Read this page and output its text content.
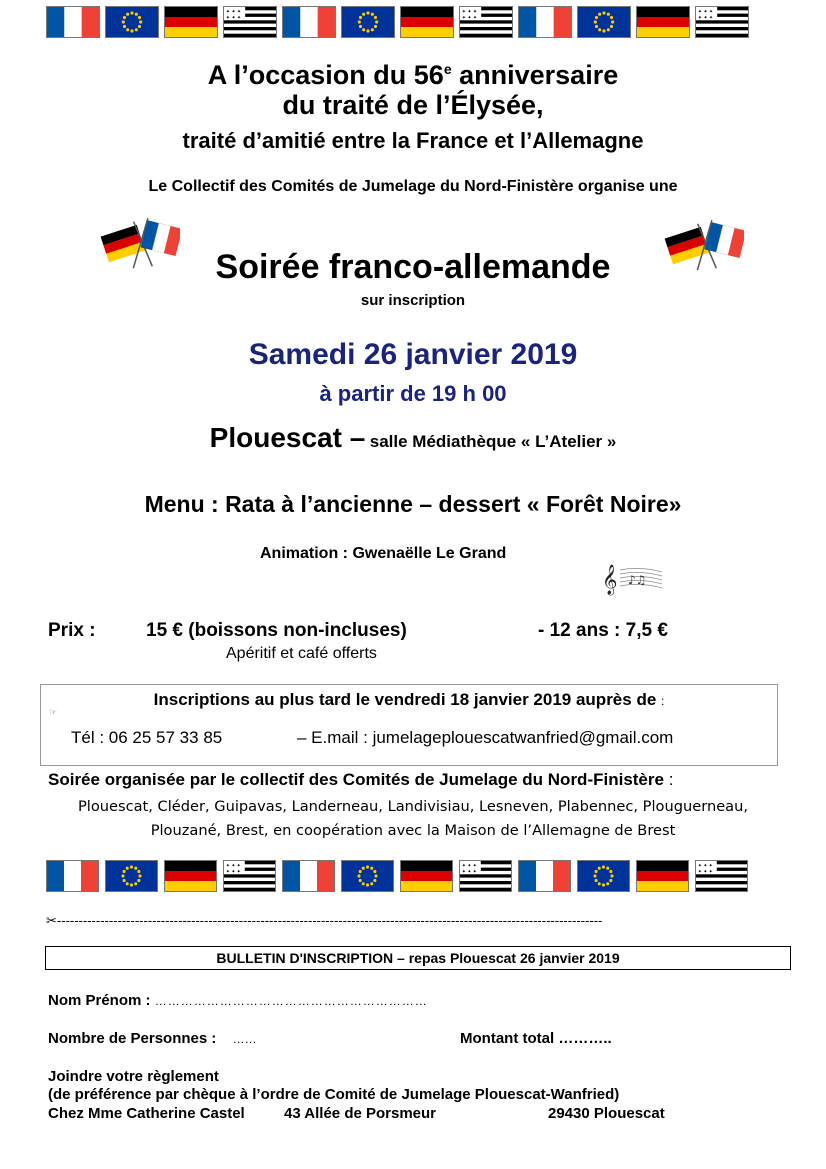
A l’occasion du 56e anniversaire
du traité de l’Élysée,
traité d’amitié entre la France et l’Allemagne
Le Collectif des Comités de Jumelage du Nord-Finistère organise une
Soirée franco-allemande
sur inscription
Samedi 26 janvier 2019
à partir de 19 h 00
Plouescat – salle Médiathèque « L’Atelier »
Menu : Rata à l’ancienne – dessert « Forêt Noire»
Animation : Gwenaëlle Le Grand
𝄞 ♪♫
Prix :	15 € (boissons non-incluses)	- 12 ans : 7,5 €
Apéritif et café offerts
Inscriptions au plus tard le vendredi 18 janvier 2019 auprès de :
☞
Tél : 06 25 57 33 85	– E.mail : jumelageplouescatwanfried@gmail.com
Soirée organisée par le collectif des Comités de Jumelage du Nord-Finistère :
Plouescat, Cléder, Guipavas, Landerneau, Landivisiau, Lesneven, Plabennec, Plouguerneau,
Plouzané, Brest, en coopération avec la Maison de l’Allemagne de Brest
✂------------------------------------------------------------------------------------------------------------------------------
BULLETIN D'INSCRIPTION – repas Plouescat 26 janvier 2019
Nom Prénom : ………………………………………………………
Nombre de Personnes : ……	Montant total ………..
Joindre votre règlement
(de préférence par chèque à l’ordre de Comité de Jumelage Plouescat-Wanfried)
Chez Mme Catherine Castel	43 Allée de Porsmeur	29430 Plouescat
